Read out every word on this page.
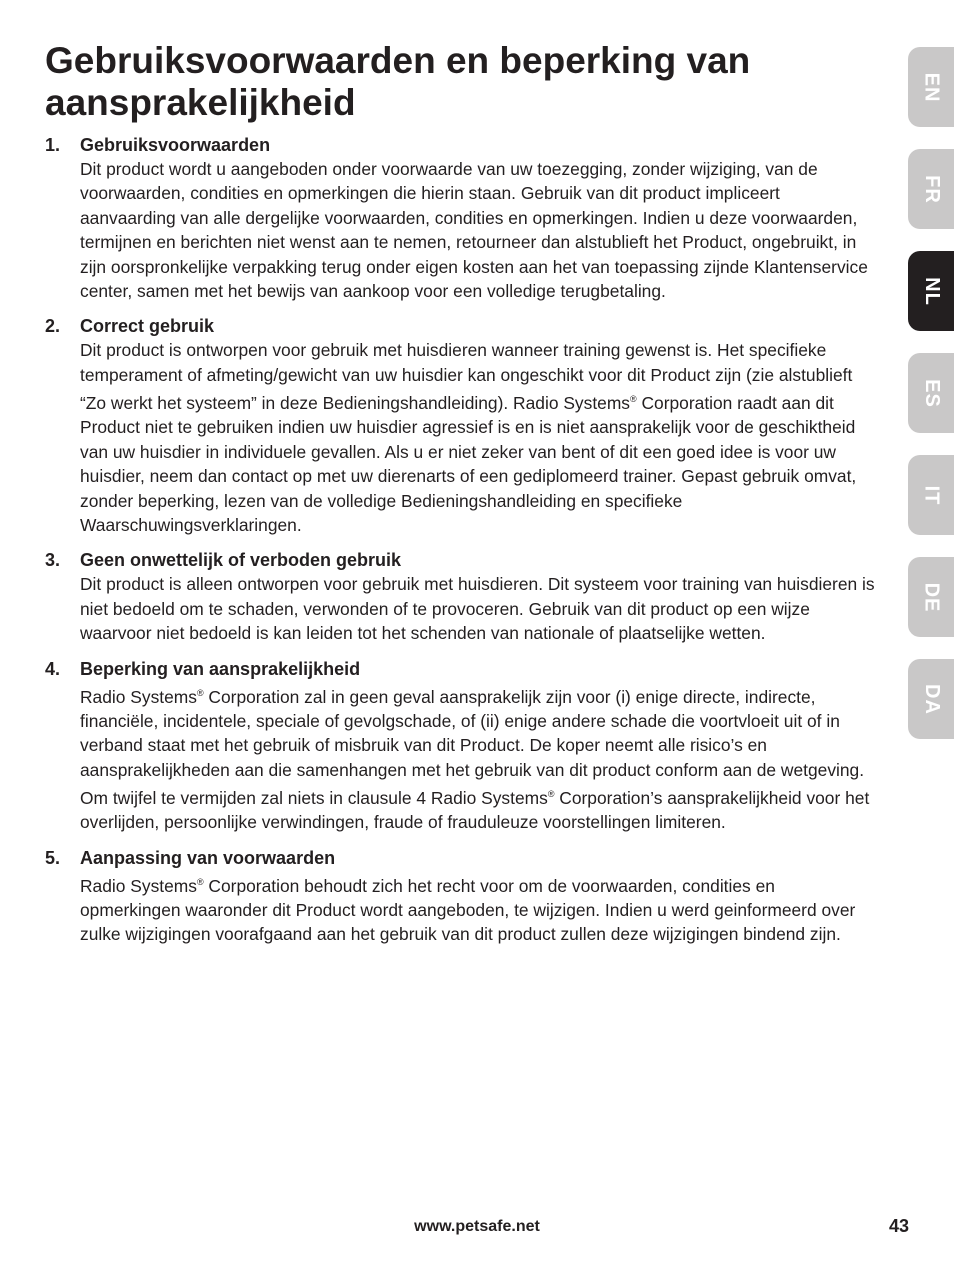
Gebruiksvoorwaarden en beperking van aansprakelijkheid
1.	Gebruiksvoorwaarden

Dit product wordt u aangeboden onder voorwaarde van uw toezegging, zonder wijziging, van de voorwaarden, condities en opmerkingen die hierin staan. Gebruik van dit product impliceert aanvaarding van alle dergelijke voorwaarden, condities en opmerkingen. Indien u deze voorwaarden, termijnen en berichten niet wenst aan te nemen, retourneer dan alstublieft het Product, ongebruikt, in zijn oorspronkelijke verpakking terug onder eigen kosten aan het van toepassing zijnde Klantenservice center, samen met het bewijs van aankoop voor een volledige terugbetaling.

2.	Correct gebruik

Dit product is ontworpen voor gebruik met huisdieren wanneer training gewenst is. Het specifieke temperament of afmeting/gewicht van uw huisdier kan ongeschikt voor dit Product zijn (zie alstublieft “Zo werkt het systeem” in deze Bedieningshandleiding). Radio Systems® Corporation raadt aan dit Product niet te gebruiken indien uw huisdier agressief is en is niet aansprakelijk voor de geschiktheid van uw huisdier in individuele gevallen. Als u er niet zeker van bent of dit een goed idee is voor uw huisdier, neem dan contact op met uw dierenarts of een gediplomeerd trainer. Gepast gebruik omvat, zonder beperking, lezen van de volledige Bedieningshandleiding en specifieke Waarschuwingsverklaringen.

3.	Geen onwettelijk of verboden gebruik

Dit product is alleen ontworpen voor gebruik met huisdieren. Dit systeem voor training van huisdieren is niet bedoeld om te schaden, verwonden of te provoceren. Gebruik van dit product op een wijze waarvoor niet bedoeld is kan leiden tot het schenden van nationale of plaatselijke wetten.

4.	Beperking van aansprakelijkheid

Radio Systems® Corporation zal in geen geval aansprakelijk zijn voor (i) enige directe, indirecte, financiële, incidentele, speciale of gevolgschade, of (ii) enige andere schade die voortvloeit uit of in verband staat met het gebruik of misbruik van dit Product. De koper neemt alle risico’s en aansprakelijkheden aan die samenhangen met het gebruik van dit product conform aan de wetgeving. Om twijfel te vermijden zal niets in clausule 4 Radio Systems® Corporation’s aansprakelijkheid voor het overlijden, persoonlijke verwindingen, fraude of frauduleuze voorstellingen limiteren.

5.	Aanpassing van voorwaarden

Radio Systems® Corporation behoudt zich het recht voor om de voorwaarden, condities en opmerkingen waaronder dit Product wordt aangeboden, te wijzigen. Indien u werd geinformeerd over zulke wijzigingen voorafgaand aan het gebruik van dit product zullen deze wijzigingen bindend zijn.

EN
FR
NL
ES
IT
DE
DA
www.petsafe.net	43
